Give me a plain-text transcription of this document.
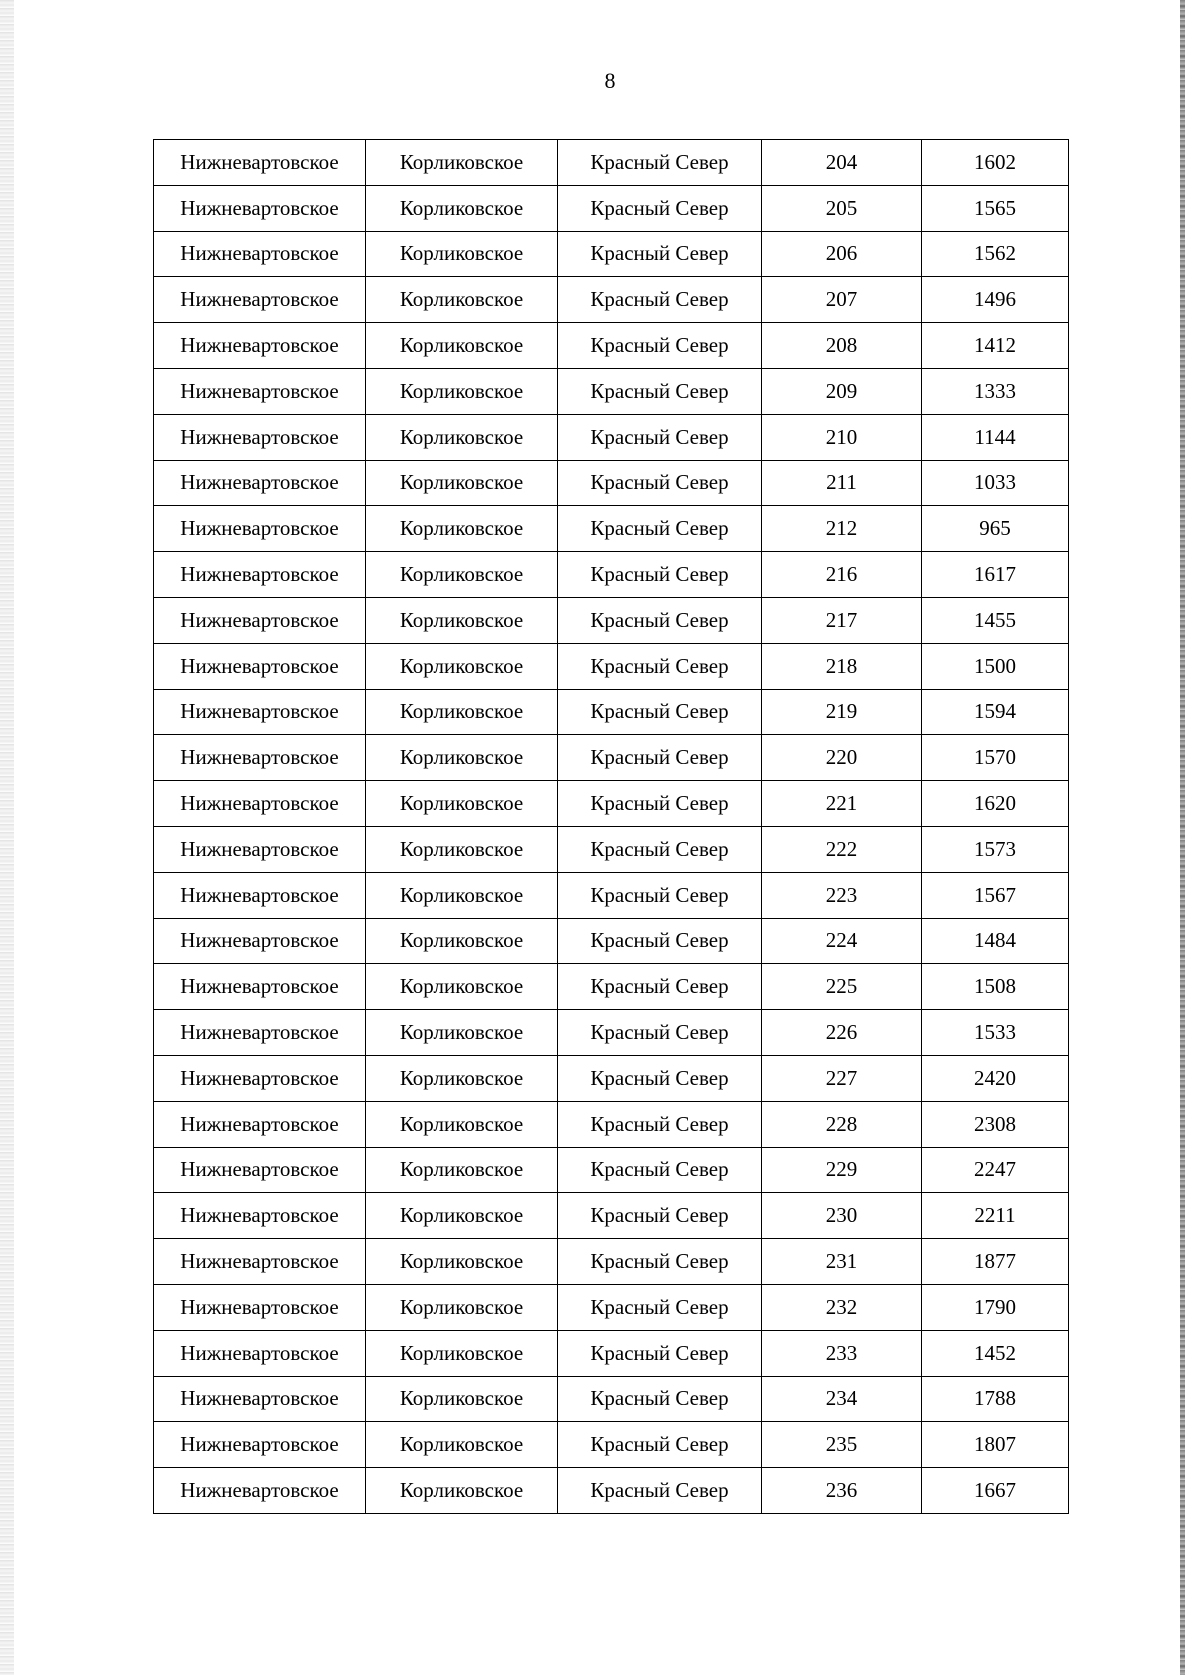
8
Нижневартовское	Корликовское	Красный Север	204	1602
Нижневартовское	Корликовское	Красный Север	205	1565
Нижневартовское	Корликовское	Красный Север	206	1562
Нижневартовское	Корликовское	Красный Север	207	1496
Нижневартовское	Корликовское	Красный Север	208	1412
Нижневартовское	Корликовское	Красный Север	209	1333
Нижневартовское	Корликовское	Красный Север	210	1144
Нижневартовское	Корликовское	Красный Север	211	1033
Нижневартовское	Корликовское	Красный Север	212	965
Нижневартовское	Корликовское	Красный Север	216	1617
Нижневартовское	Корликовское	Красный Север	217	1455
Нижневартовское	Корликовское	Красный Север	218	1500
Нижневартовское	Корликовское	Красный Север	219	1594
Нижневартовское	Корликовское	Красный Север	220	1570
Нижневартовское	Корликовское	Красный Север	221	1620
Нижневартовское	Корликовское	Красный Север	222	1573
Нижневартовское	Корликовское	Красный Север	223	1567
Нижневартовское	Корликовское	Красный Север	224	1484
Нижневартовское	Корликовское	Красный Север	225	1508
Нижневартовское	Корликовское	Красный Север	226	1533
Нижневартовское	Корликовское	Красный Север	227	2420
Нижневартовское	Корликовское	Красный Север	228	2308
Нижневартовское	Корликовское	Красный Север	229	2247
Нижневартовское	Корликовское	Красный Север	230	2211
Нижневартовское	Корликовское	Красный Север	231	1877
Нижневартовское	Корликовское	Красный Север	232	1790
Нижневартовское	Корликовское	Красный Север	233	1452
Нижневартовское	Корликовское	Красный Север	234	1788
Нижневартовское	Корликовское	Красный Север	235	1807
Нижневартовское	Корликовское	Красный Север	236	1667
